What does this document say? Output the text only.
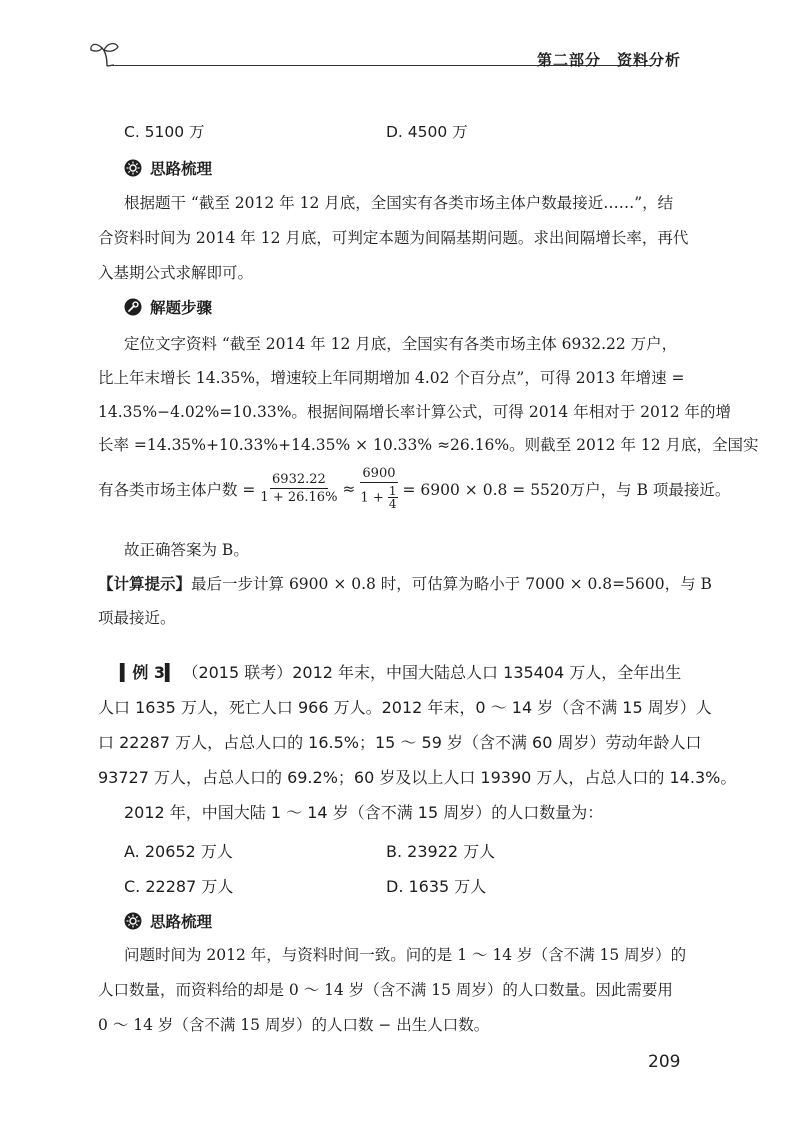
第二部分　资料分析
C. 5100 万	D. 4500 万
思路梳理
根据题干 “截至 2012 年 12 月底，全国实有各类市场主体户数最接近……”，结
合资料时间为 2014 年 12 月底，可判定本题为间隔基期问题。求出间隔增长率，再代
入基期公式求解即可。
解题步骤
定位文字资料 “截至 2014 年 12 月底，全国实有各类市场主体 6932.22 万户，
比上年末增长 14.35%，增速较上年同期增加 4.02 个百分点”，可得 2013 年增速 =
14.35%−4.02%=10.33%。根据间隔增长率计算公式，可得 2014 年相对于 2012 年的增
长率 =14.35%+10.33%+14.35% × 10.33% ≈26.16%。则截至 2012 年 12 月底，全国实
有各类市场主体户数 = $\frac{6932.22}{1 + 26.16\%} \approx \frac{6900}{1 + \frac{1}{4}} = 6900 \times 0.8 = 5520$万户，与 B 项最接近。
故正确答案为 B。
【计算提示】最后一步计算 6900 × 0.8 时，可估算为略小于 7000 × 0.8=5600，与 B
项最接近。
▍例 3▍ （2015 联考）2012 年末，中国大陆总人口 135404 万人，全年出生
人口 1635 万人，死亡人口 966 万人。2012 年末，0 ～ 14 岁（含不满 15 周岁）人
口 22287 万人，占总人口的 16.5%；15 ～ 59 岁（含不满 60 周岁）劳动年龄人口
93727 万人，占总人口的 69.2%；60 岁及以上人口 19390 万人，占总人口的 14.3%。
2012 年，中国大陆 1 ～ 14 岁（含不满 15 周岁）的人口数量为：
A. 20652 万人	B. 23922 万人
C. 22287 万人	D. 1635 万人
思路梳理
问题时间为 2012 年，与资料时间一致。问的是 1 ～ 14 岁（含不满 15 周岁）的
人口数量，而资料给的却是 0 ～ 14 岁（含不满 15 周岁）的人口数量。因此需要用
0 ～ 14 岁（含不满 15 周岁）的人口数 − 出生人口数。
209
